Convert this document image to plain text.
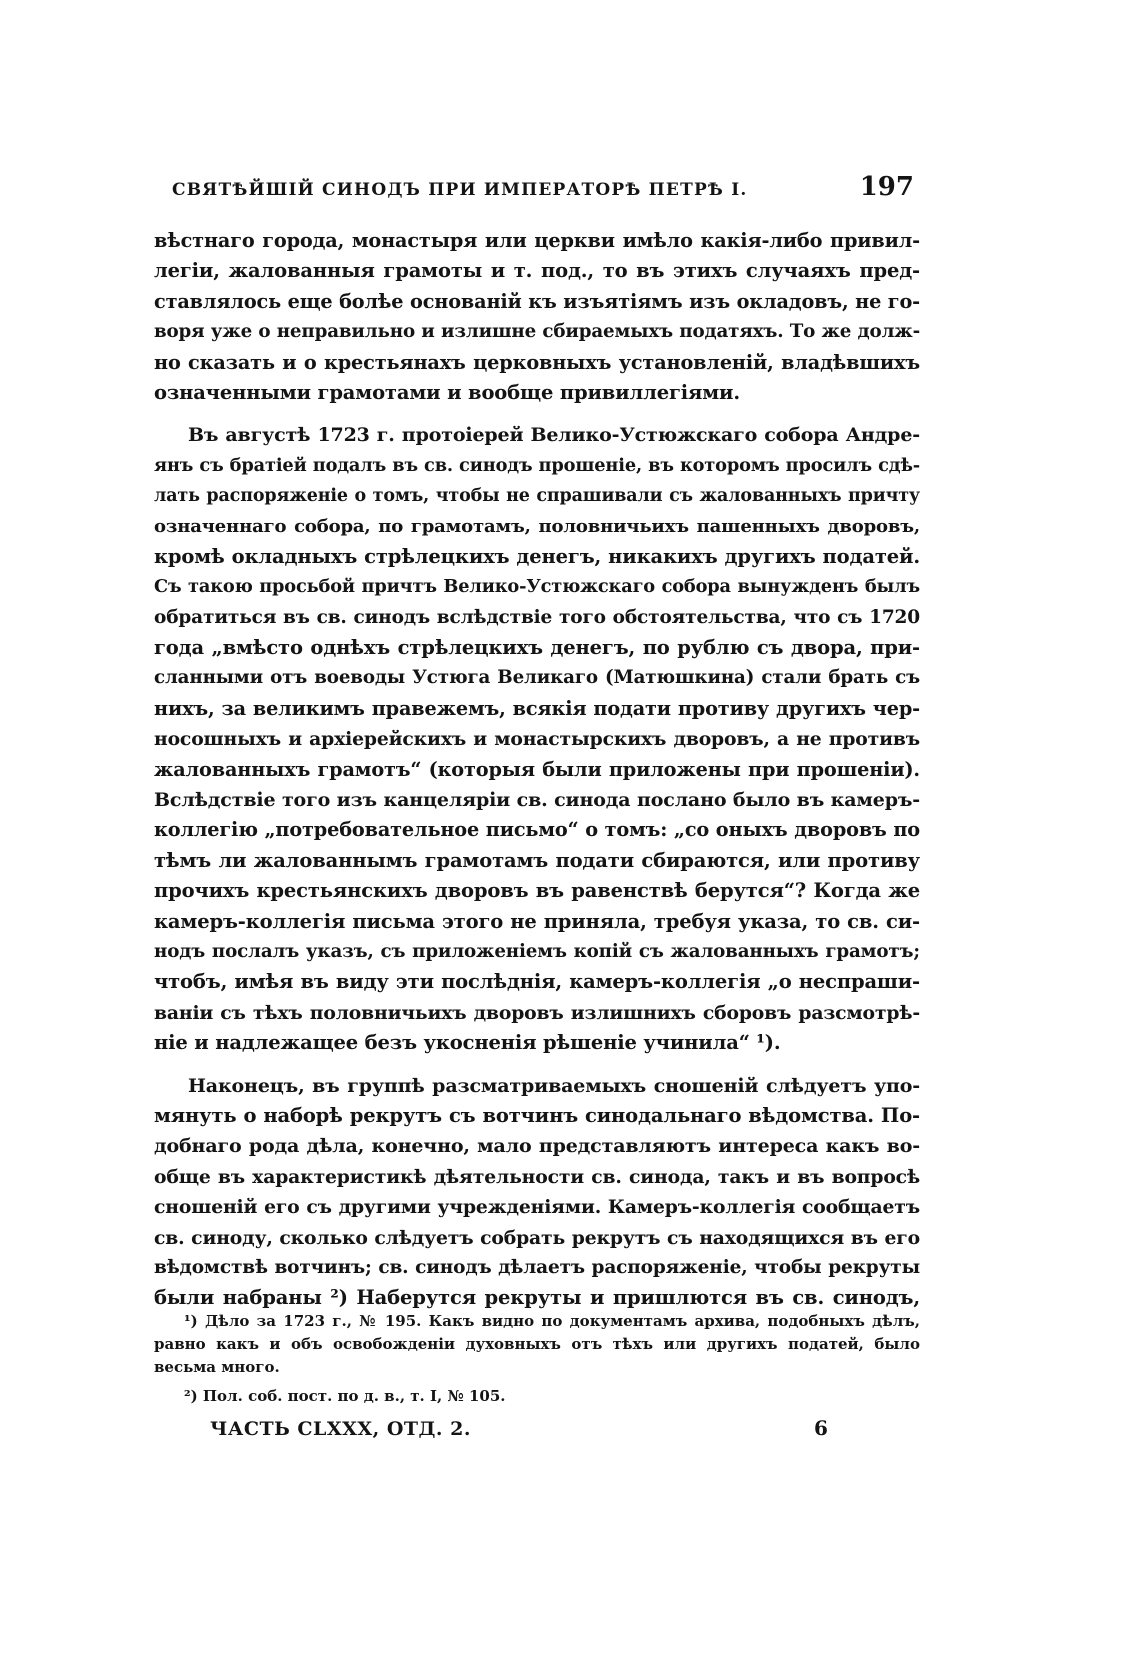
СВЯТѢЙШІЙ СИНОДЪ ПРИ ИМПЕРАТОРѢ ПЕТРѢ I.	197
вѣстнаго города, монастыря или церкви имѣло какія-либо привил-
легіи, жалованныя грамоты и т. под., то въ этихъ случаяхъ пред-
ставлялось еще болѣе основаній къ изъятіямъ изъ окладовъ, не го-
воря уже о неправильно и излишне сбираемыхъ податяхъ. То же долж-
но сказать и о крестьянахъ церковныхъ установленій, владѣвшихъ
означенными грамотами и вообще привиллегіями.
Въ августѣ 1723 г. протоіерей Велико-Устюжскаго собора Андре-
янъ съ братіей подалъ въ св. синодъ прошеніе, въ которомъ просилъ сдѣ-
лать распоряженіе о томъ, чтобы не спрашивали съ жалованныхъ причту
означеннаго собора, по грамотамъ, половничьихъ пашенныхъ дворовъ,
кромѣ окладныхъ стрѣлецкихъ денегъ, никакихъ другихъ податей.
Съ такою просьбой причтъ Велико-Устюжскаго собора вынужденъ былъ
обратиться въ св. синодъ вслѣдствіе того обстоятельства, что съ 1720
года „вмѣсто однѣхъ стрѣлецкихъ денегъ, по рублю съ двора, при-
сланными отъ воеводы Устюга Великаго (Матюшкина) стали брать съ
нихъ, за великимъ правежемъ, всякія подати противу другихъ чер-
носошныхъ и архіерейскихъ и монастырскихъ дворовъ, а не противъ
жалованныхъ грамотъ“ (которыя были приложены при прошеніи).
Вслѣдствіе того изъ канцеляріи св. синода послано было въ камеръ-
коллегію „потребовательное письмо“ о томъ: „со оныхъ дворовъ по
тѣмъ ли жалованнымъ грамотамъ подати сбираются, или противу
прочихъ крестьянскихъ дворовъ въ равенствѣ берутся“? Когда же
камеръ-коллегія письма этого не приняла, требуя указа, то св. си-
нодъ послалъ указъ, съ приложеніемъ копій съ жалованныхъ грамотъ;
чтобъ, имѣя въ виду эти послѣднія, камеръ-коллегія „о неспраши-
ваніи съ тѣхъ половничьихъ дворовъ излишнихъ сборовъ разсмотрѣ-
ніе и надлежащее безъ укосненія рѣшеніе учинила“ ¹).
Наконецъ, въ группѣ разсматриваемыхъ сношеній слѣдуетъ упо-
мянуть о наборѣ рекрутъ съ вотчинъ синодальнаго вѣдомства. По-
добнаго рода дѣла, конечно, мало представляютъ интереса какъ во-
обще въ характеристикѣ дѣятельности св. синода, такъ и въ вопросѣ
сношеній его съ другими учрежденіями. Камеръ-коллегія сообщаетъ
св. синоду, сколько слѣдуетъ собрать рекрутъ съ находящихся въ его
вѣдомствѣ вотчинъ; св. синодъ дѣлаетъ распоряженіе, чтобы рекруты
были набраны ²) Наберутся рекруты и пришлются въ св. синодъ,
¹) Дѣло за 1723 г., № 195. Какъ видно по документамъ архива, подобныхъ дѣлъ,
равно какъ и объ освобожденіи духовныхъ отъ тѣхъ или другихъ податей, было
весьма много.
²) Пол. соб. пост. по д. в., т. I, № 105.
ЧАСТЬ CLXXX, ОТД. 2.	6
